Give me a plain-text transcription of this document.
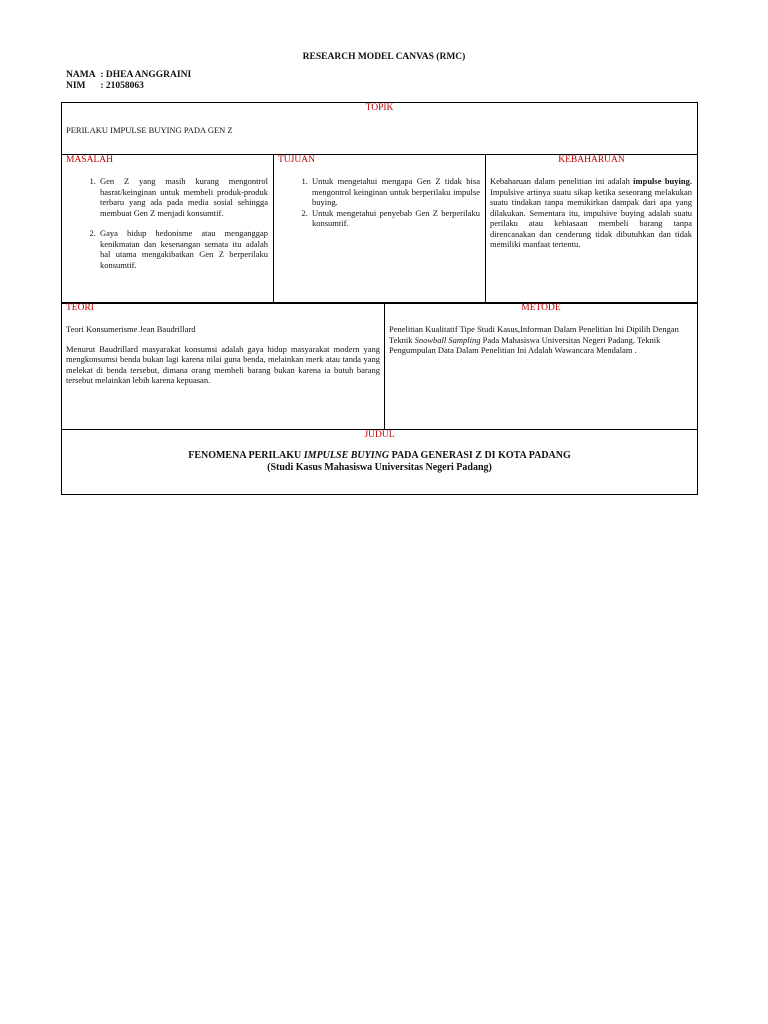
RESEARCH MODEL CANVAS (RMC)
NAMA : DHEA ANGGRAINI
NIM : 21058063
TOPIK
PERILAKU IMPULSE BUYING PADA GEN Z
MASALAH
1. Gen Z yang masih kurang mengontrol hasrat/keinginan untuk membeli produk-produk terbaru yang ada pada media sosial sehingga membuat Gen Z menjadi konsumtif.
2. Gaya hidup hedonisme atau menganggap kenikmatan dan kesenangan semata itu adalah hal utama mengakibatkan Gen Z berperilaku konsumtif.
TUJUAN
1. Untuk mengetahui mengapa Gen Z tidak bisa mengontrol keinginan untuk berperilaku impulse buying.
2. Untuk mengetahui penyebab Gen Z berperilaku konsumtif.
KEBAHARUAN
Kebaharuan dalam penelitian ini adalah impulse buying. Impulsive artinya suatu sikap ketika seseorang melakukan suatu tindakan tanpa memikirkan dampak dari apa yang dilakukan. Sementara itu, impulsive buying adalah suatu perilaku atau kebiasaan membeli barang tanpa direncanakan dan cenderung tidak dibutuhkan dan tidak memiliki manfaat tertentu.
TEORI
Teori Konsumerisme Jean Baudrillard
Menurut Baudrillard masyarakat konsumsi adalah gaya hidup masyarakat modern yang mengkonsumsi benda bukan lagi karena nilai guna benda, melainkan merk atau tanda yang melekat di benda tersebut, dimana orang membeli barang bukan karena ia butuh barang tersebut melainkan lebih karena kepuasan.
METODE
Penelitian Kualitatif Tipe Studi Kasus,Informan Dalam Penelitian Ini Dipilih Dengan Teknik Snowball Sampling Pada Mahasiswa Universitas Negeri Padang. Teknik Pengumpulan Data Dalam Penelitian Ini Adalah Wawancara Mendalam .
JUDUL
FENOMENA PERILAKU IMPULSE BUYING PADA GENERASI Z DI KOTA PADANG
(Studi Kasus Mahasiswa Universitas Negeri Padang)
